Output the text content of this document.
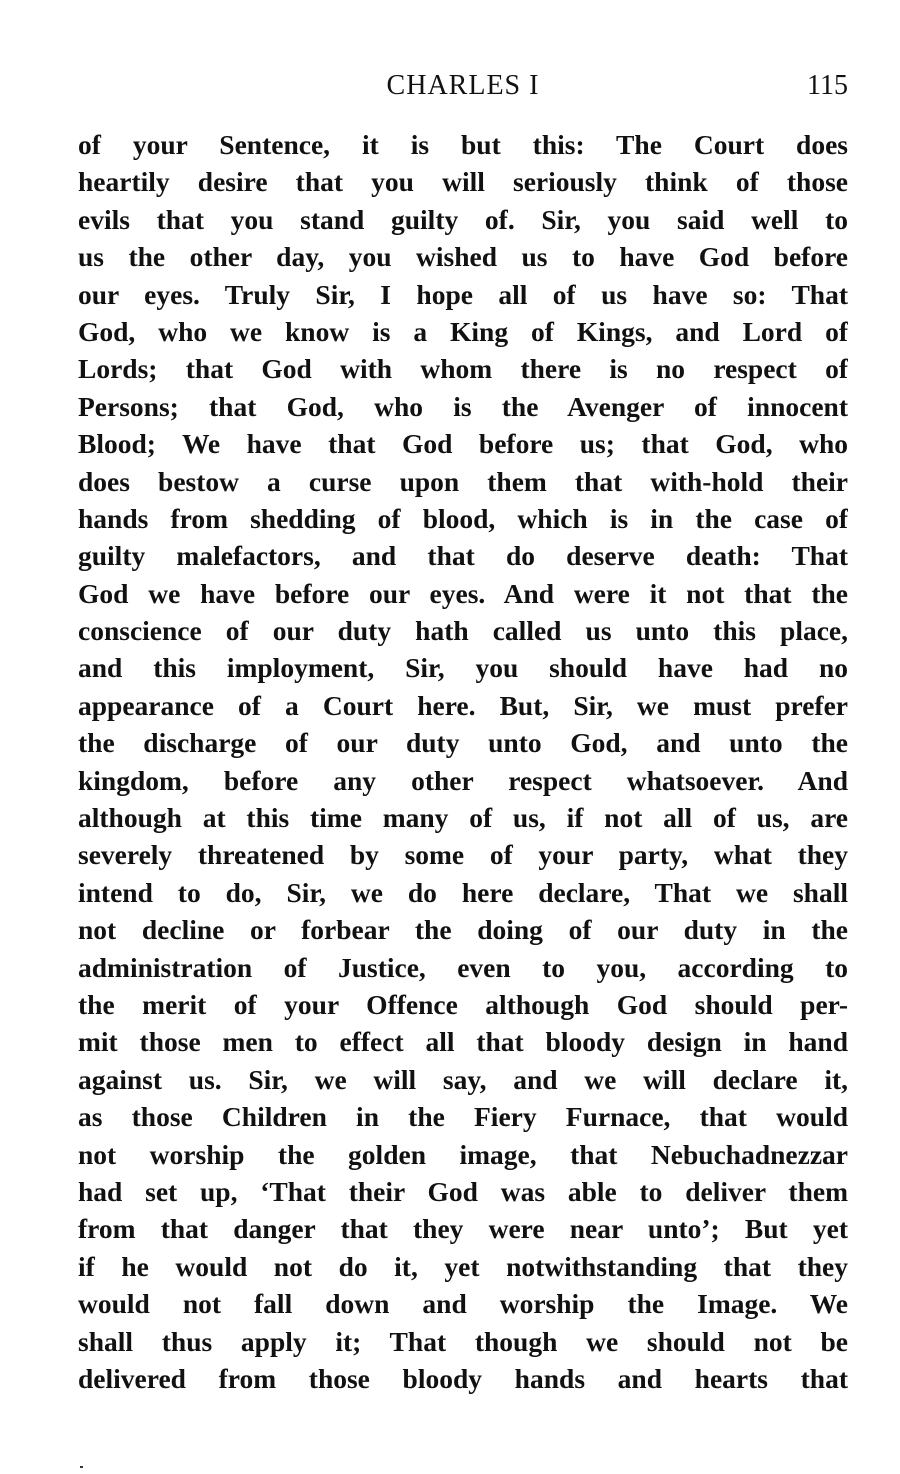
CHARLES I	115
of your Sentence, it is but this: The Court does
heartily desire that you will seriously think of those
evils that you stand guilty of. Sir, you said well to
us the other day, you wished us to have God before
our eyes. Truly Sir, I hope all of us have so: That
God, who we know is a King of Kings, and Lord of
Lords; that God with whom there is no respect of
Persons; that God, who is the Avenger of innocent
Blood; We have that God before us; that God, who
does bestow a curse upon them that with-hold their
hands from shedding of blood, which is in the case of
guilty malefactors, and that do deserve death: That
God we have before our eyes. And were it not that the
conscience of our duty hath called us unto this place,
and this imployment, Sir, you should have had no
appearance of a Court here. But, Sir, we must prefer
the discharge of our duty unto God, and unto the
kingdom, before any other respect whatsoever. And
although at this time many of us, if not all of us, are
severely threatened by some of your party, what they
intend to do, Sir, we do here declare, That we shall
not decline or forbear the doing of our duty in the
administration of Justice, even to you, according to
the merit of your Offence although God should per-
mit those men to effect all that bloody design in hand
against us. Sir, we will say, and we will declare it,
as those Children in the Fiery Furnace, that would
not worship the golden image, that Nebuchadnezzar
had set up, ‘That their God was able to deliver them
from that danger that they were near unto’; But yet
if he would not do it, yet notwithstanding that they
would not fall down and worship the Image. We
shall thus apply it; That though we should not be
delivered from those bloody hands and hearts that
